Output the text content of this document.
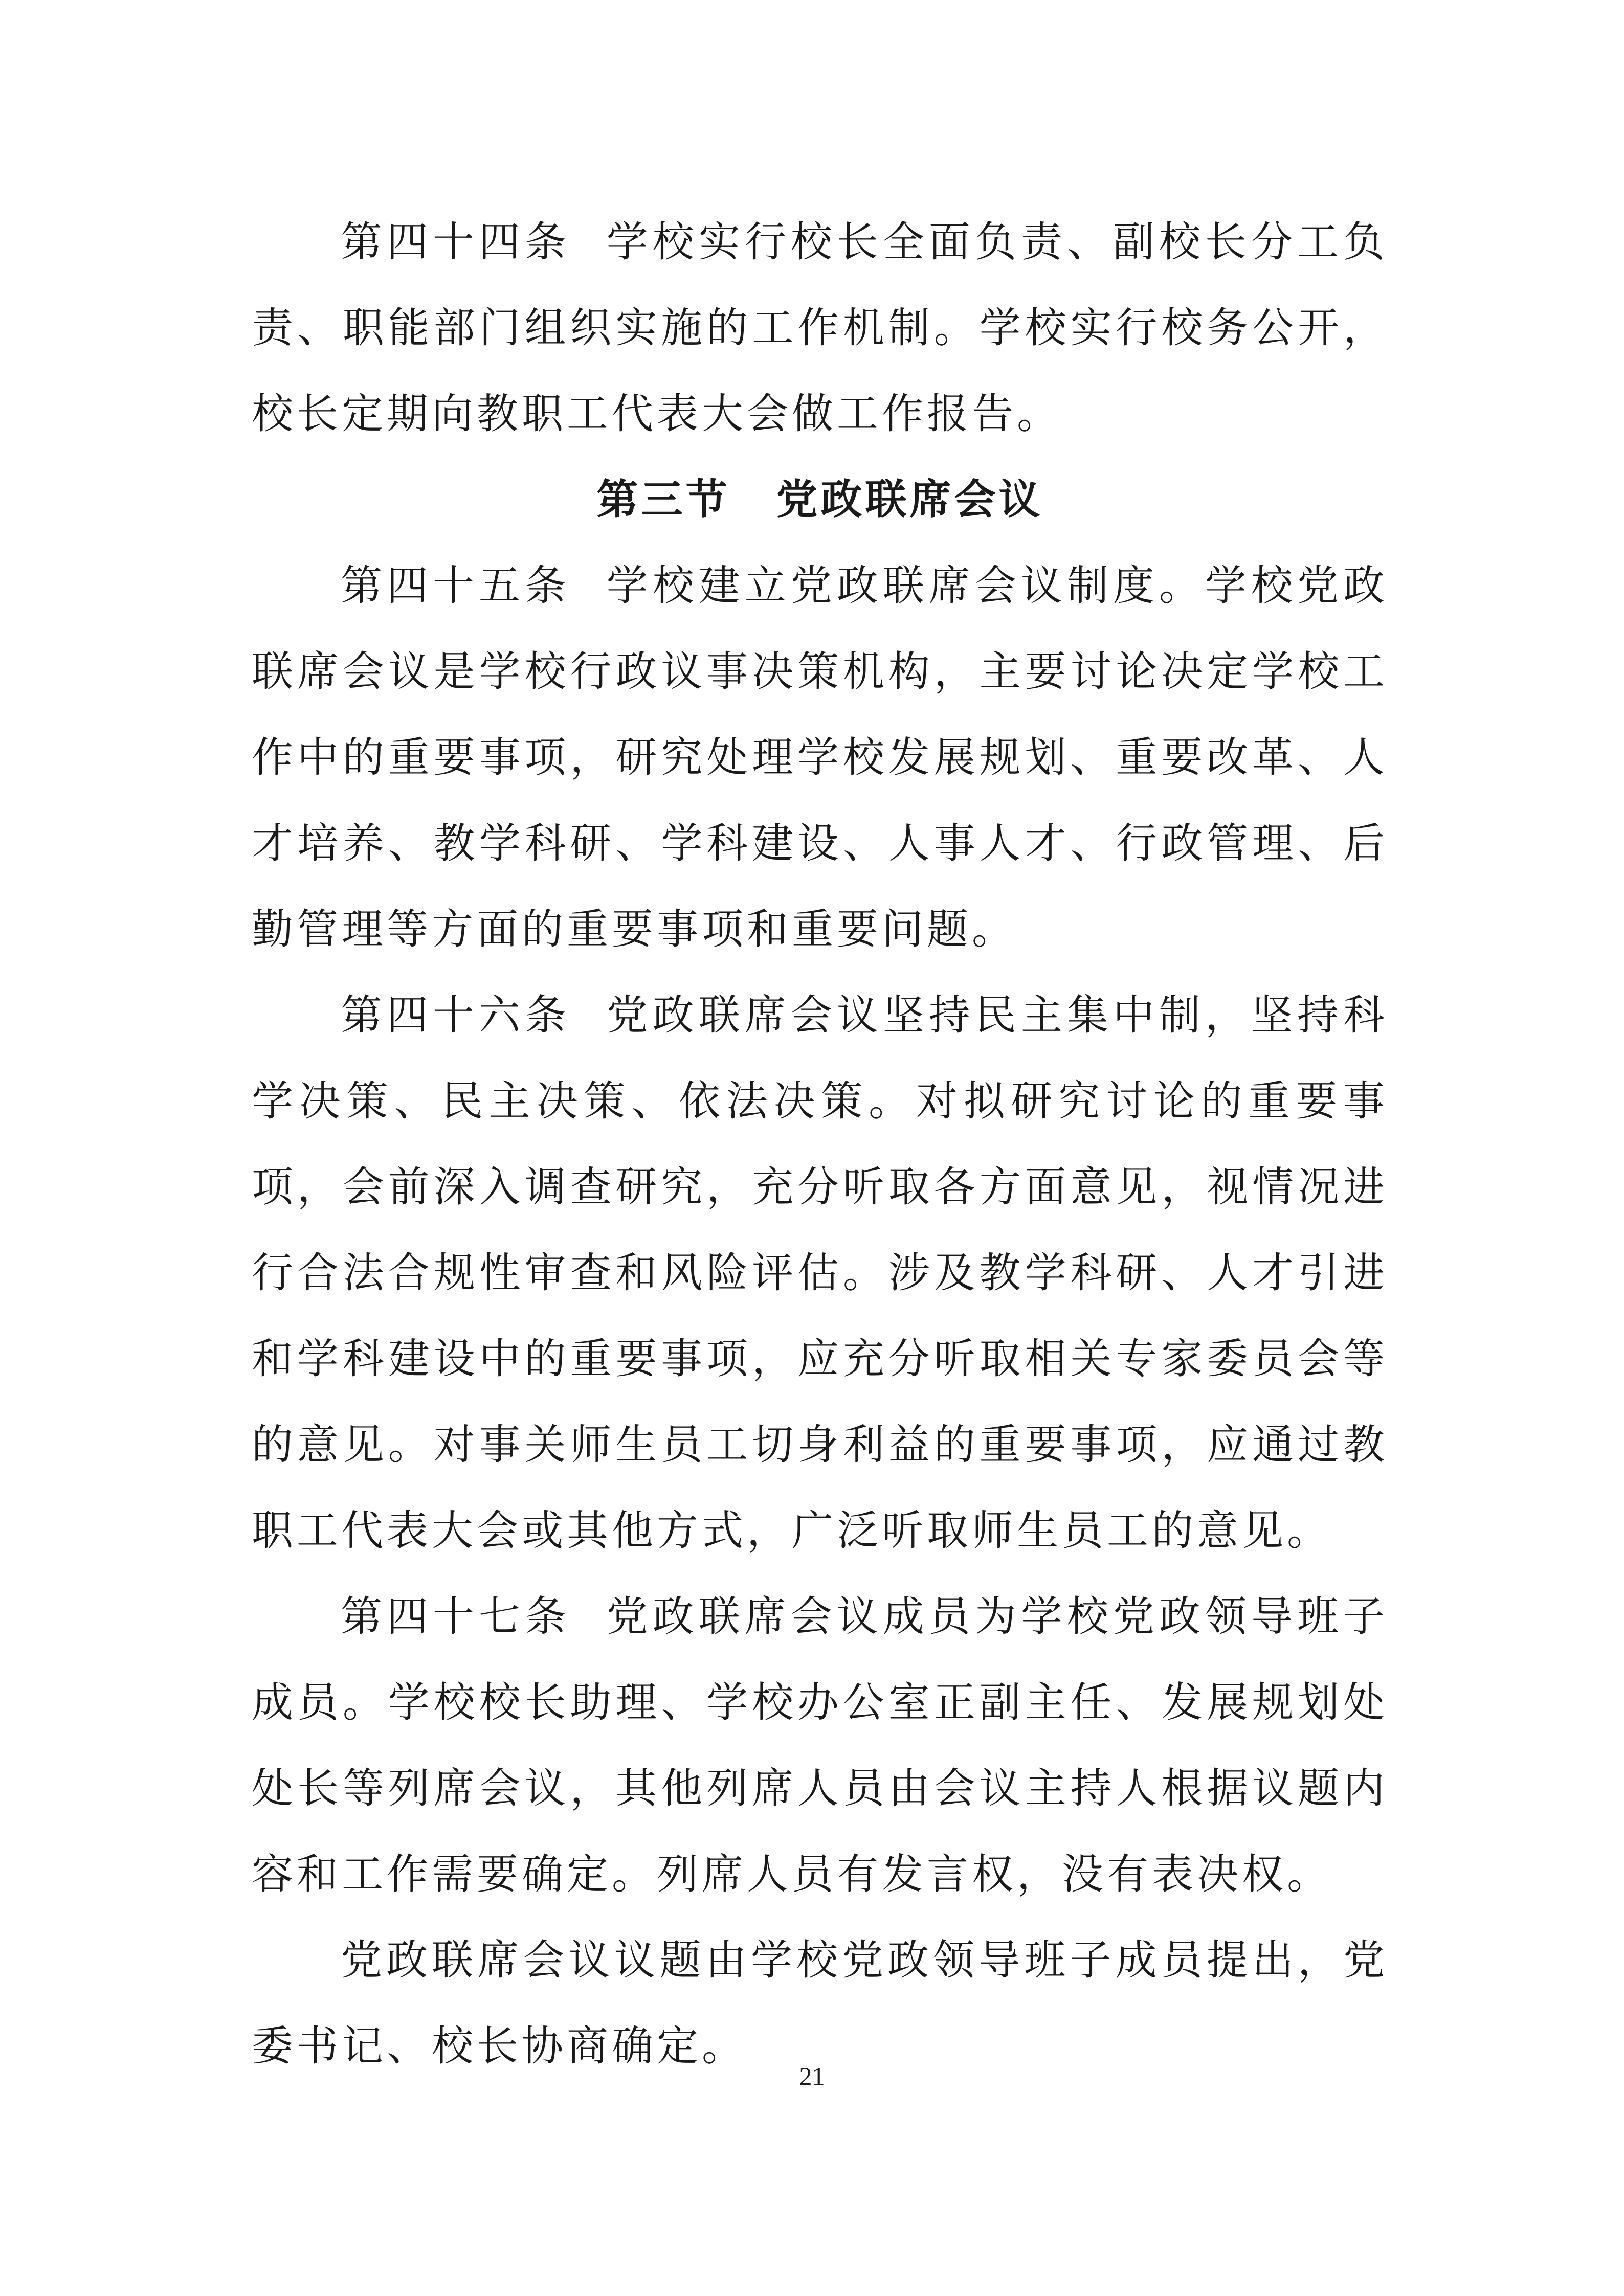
第四十四条 学校实行校长全面负责、副校长分工负责、职能部门组织实施的工作机制。学校实行校务公开，校长定期向教职工代表大会做工作报告。

第三节 党政联席会议

第四十五条 学校建立党政联席会议制度。学校党政联席会议是学校行政议事决策机构，主要讨论决定学校工作中的重要事项，研究处理学校发展规划、重要改革、人才培养、教学科研、学科建设、人事人才、行政管理、后勤管理等方面的重要事项和重要问题。

第四十六条 党政联席会议坚持民主集中制，坚持科学决策、民主决策、依法决策。对拟研究讨论的重要事项，会前深入调查研究，充分听取各方面意见，视情况进行合法合规性审查和风险评估。涉及教学科研、人才引进和学科建设中的重要事项，应充分听取相关专家委员会等的意见。对事关师生员工切身利益的重要事项，应通过教职工代表大会或其他方式，广泛听取师生员工的意见。

第四十七条 党政联席会议成员为学校党政领导班子成员。学校校长助理、学校办公室正副主任、发展规划处处长等列席会议，其他列席人员由会议主持人根据议题内容和工作需要确定。列席人员有发言权，没有表决权。

党政联席会议议题由学校党政领导班子成员提出，党委书记、校长协商确定。

21
